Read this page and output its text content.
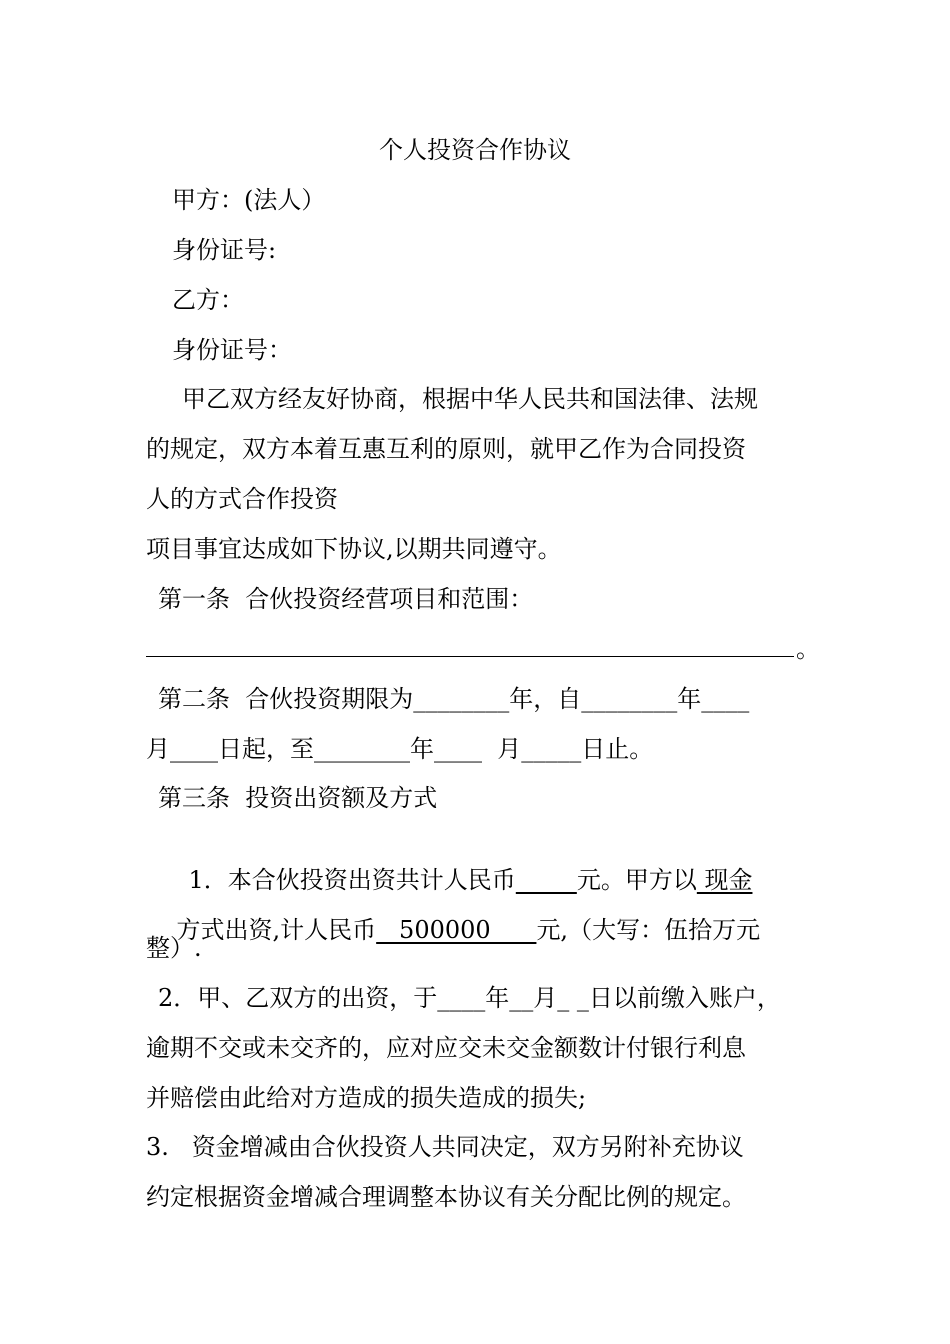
个人投资合作协议
甲方：(法人）
身份证号:
乙方：
身份证号：
甲乙双方经友好协商，根据中华人民共和国法律、法规
的规定，双方本着互惠互利的原则，就甲乙作为合同投资
人的方式合作投资
项目事宜达成如下协议,以期共同遵守。
第一条  合伙投资经营项目和范围：
。
第二条  合伙投资期限为________年，自________年____
月____日起，至________年____  月_____日止。
第三条  投资出资额及方式

1．本合伙投资出资共计人民币	元。甲方以 现金

方式出资,计人民币   500000      元,（大写：伍拾万元

整）.
2．甲、乙双方的出资，于____年__月_ _日以前缴入账户，
逾期不交或未交齐的，应对应交未交金额数计付银行利息
并赔偿由此给对方造成的损失造成的损失;
3.   资金增减由合伙投资人共同决定，双方另附补充协议
约定根据资金增减合理调整本协议有关分配比例的规定。
